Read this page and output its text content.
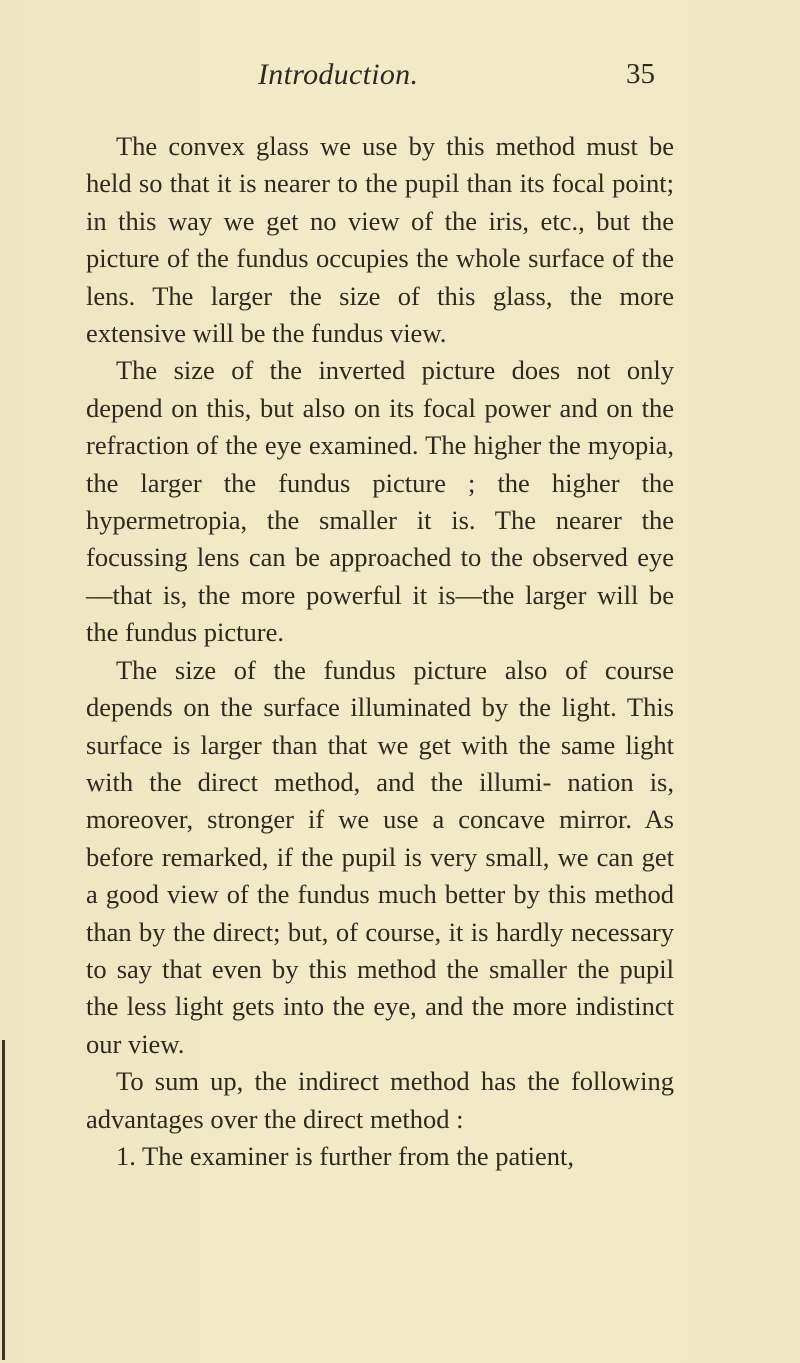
Introduction.	35

The convex glass we use by this method must be held so that it is nearer to the pupil than its focal point; in this way we get no view of the iris, etc., but the picture of the fundus occupies the whole surface of the lens. The larger the size of this glass, the more extensive will be the fundus view.

The size of the inverted picture does not only depend on this, but also on its focal power and on the refraction of the eye examined. The higher the myopia, the larger the fundus picture ; the higher the hypermetropia, the smaller it is. The nearer the focussing lens can be approached to the observed eye—that is, the more powerful it is—the larger will be the fundus picture.

The size of the fundus picture also of course depends on the surface illuminated by the light. This surface is larger than that we get with the same light with the direct method, and the illumi- nation is, moreover, stronger if we use a concave mirror. As before remarked, if the pupil is very small, we can get a good view of the fundus much better by this method than by the direct; but, of course, it is hardly necessary to say that even by this method the smaller the pupil the less light gets into the eye, and the more indistinct our view.

To sum up, the indirect method has the following advantages over the direct method :

1. The examiner is further from the patient,
